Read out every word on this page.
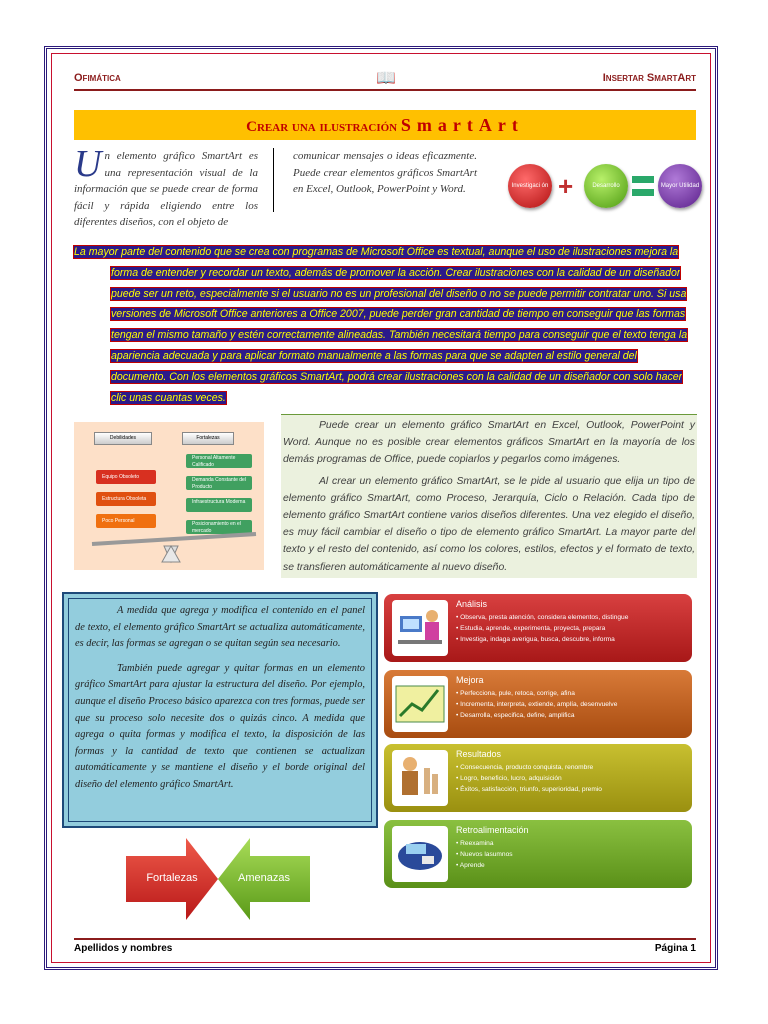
Ofimática	📖	Insertar SmartArt
Crear una ilustración SmartArt
Un elemento gráfico SmartArt es una representación visual de la información que se puede crear de forma fácil y rápida eligiendo entre los diferentes diseños, con el objeto de
comunicar mensajes o ideas eficazmente. Puede crear elementos gráficos SmartArt en Excel, Outlook, PowerPoint y Word.	Investigaci ón +	Desarrollo	Mayor Utilidad
La mayor parte del contenido que se crea con programas de Microsoft Office es textual, aunque el uso de ilustraciones mejora la
forma de entender y recordar un texto, además de promover la acción. Crear ilustraciones con la calidad de un diseñador
puede ser un reto, especialmente si el usuario no es un profesional del diseño o no se puede permitir contratar uno. Si usa
versiones de Microsoft Office anteriores a Office 2007, puede perder gran cantidad de tiempo en conseguir que las formas
tengan el mismo tamaño y estén correctamente alineadas. También necesitará tiempo para conseguir que el texto tenga la
apariencia adecuada y para aplicar formato manualmente a las formas para que se adapten al estilo general del
documento. Con los elementos gráficos SmartArt, podrá crear ilustraciones con la calidad de un diseñador con solo hacer
clic unas cuantas veces.
Debilidades	Fortalezas
Equipo Obsoleto
Estructura Obsoleta
Poco Personal
Personal Altamente Calificado
Demanda Constante del Producto
Infraestructura Moderna
Posicionamiento en el mercado

Puede crear un elemento gráfico SmartArt en Excel, Outlook, PowerPoint y Word. Aunque no es posible crear elementos gráficos SmartArt en la mayoría de los demás programas de Office, puede copiarlos y pegarlos como imágenes.

Al crear un elemento gráfico SmartArt, se le pide al usuario que elija un tipo de elemento gráfico SmartArt, como Proceso, Jerarquía, Ciclo o Relación. Cada tipo de elemento gráfico SmartArt contiene varios diseños diferentes. Una vez elegido el diseño, es muy fácil cambiar el diseño o tipo de elemento gráfico SmartArt. La mayor parte del texto y el resto del contenido, así como los colores, estilos, efectos y el formato de texto, se transfieren automáticamente al nuevo diseño.

A medida que agrega y modifica el contenido en el panel de texto, el elemento gráfico SmartArt se actualiza automáticamente, es decir, las formas se agregan o se quitan según sea necesario.

También puede agregar y quitar formas en un elemento gráfico SmartArt para ajustar la estructura del diseño. Por ejemplo, aunque el diseño Proceso básico aparezca con tres formas, puede ser que su proceso solo necesite dos o quizás cinco. A medida que agrega o quita formas y modifica el texto, la disposición de las formas y la cantidad de texto que contienen se actualizan automáticamente y se mantiene el diseño y el borde original del diseño del elemento gráfico SmartArt.

Análisis
• Observa, presta atención, considera elementos, distingue
• Estudia, aprende, experimenta, proyecta, prepara
• Investiga, indaga averigua, busca, descubre, informa
Mejora
• Perfecciona, pule, retoca, corrige, afina
• Incrementa, interpreta, extiende, amplía, desenvuelve
• Desarrolla, especifica, define, amplifica
Resultados
• Consecuencia, producto conquista, renombre
• Logro, beneficio, lucro, adquisición
• Éxitos, satisfacción, triunfo, superioridad, premio
Retroalimentación
• Reexamina
• Nuevos lasumnos
• Aprende
Fortalezas	Amenazas
Apellidos y nombres	Página 1
